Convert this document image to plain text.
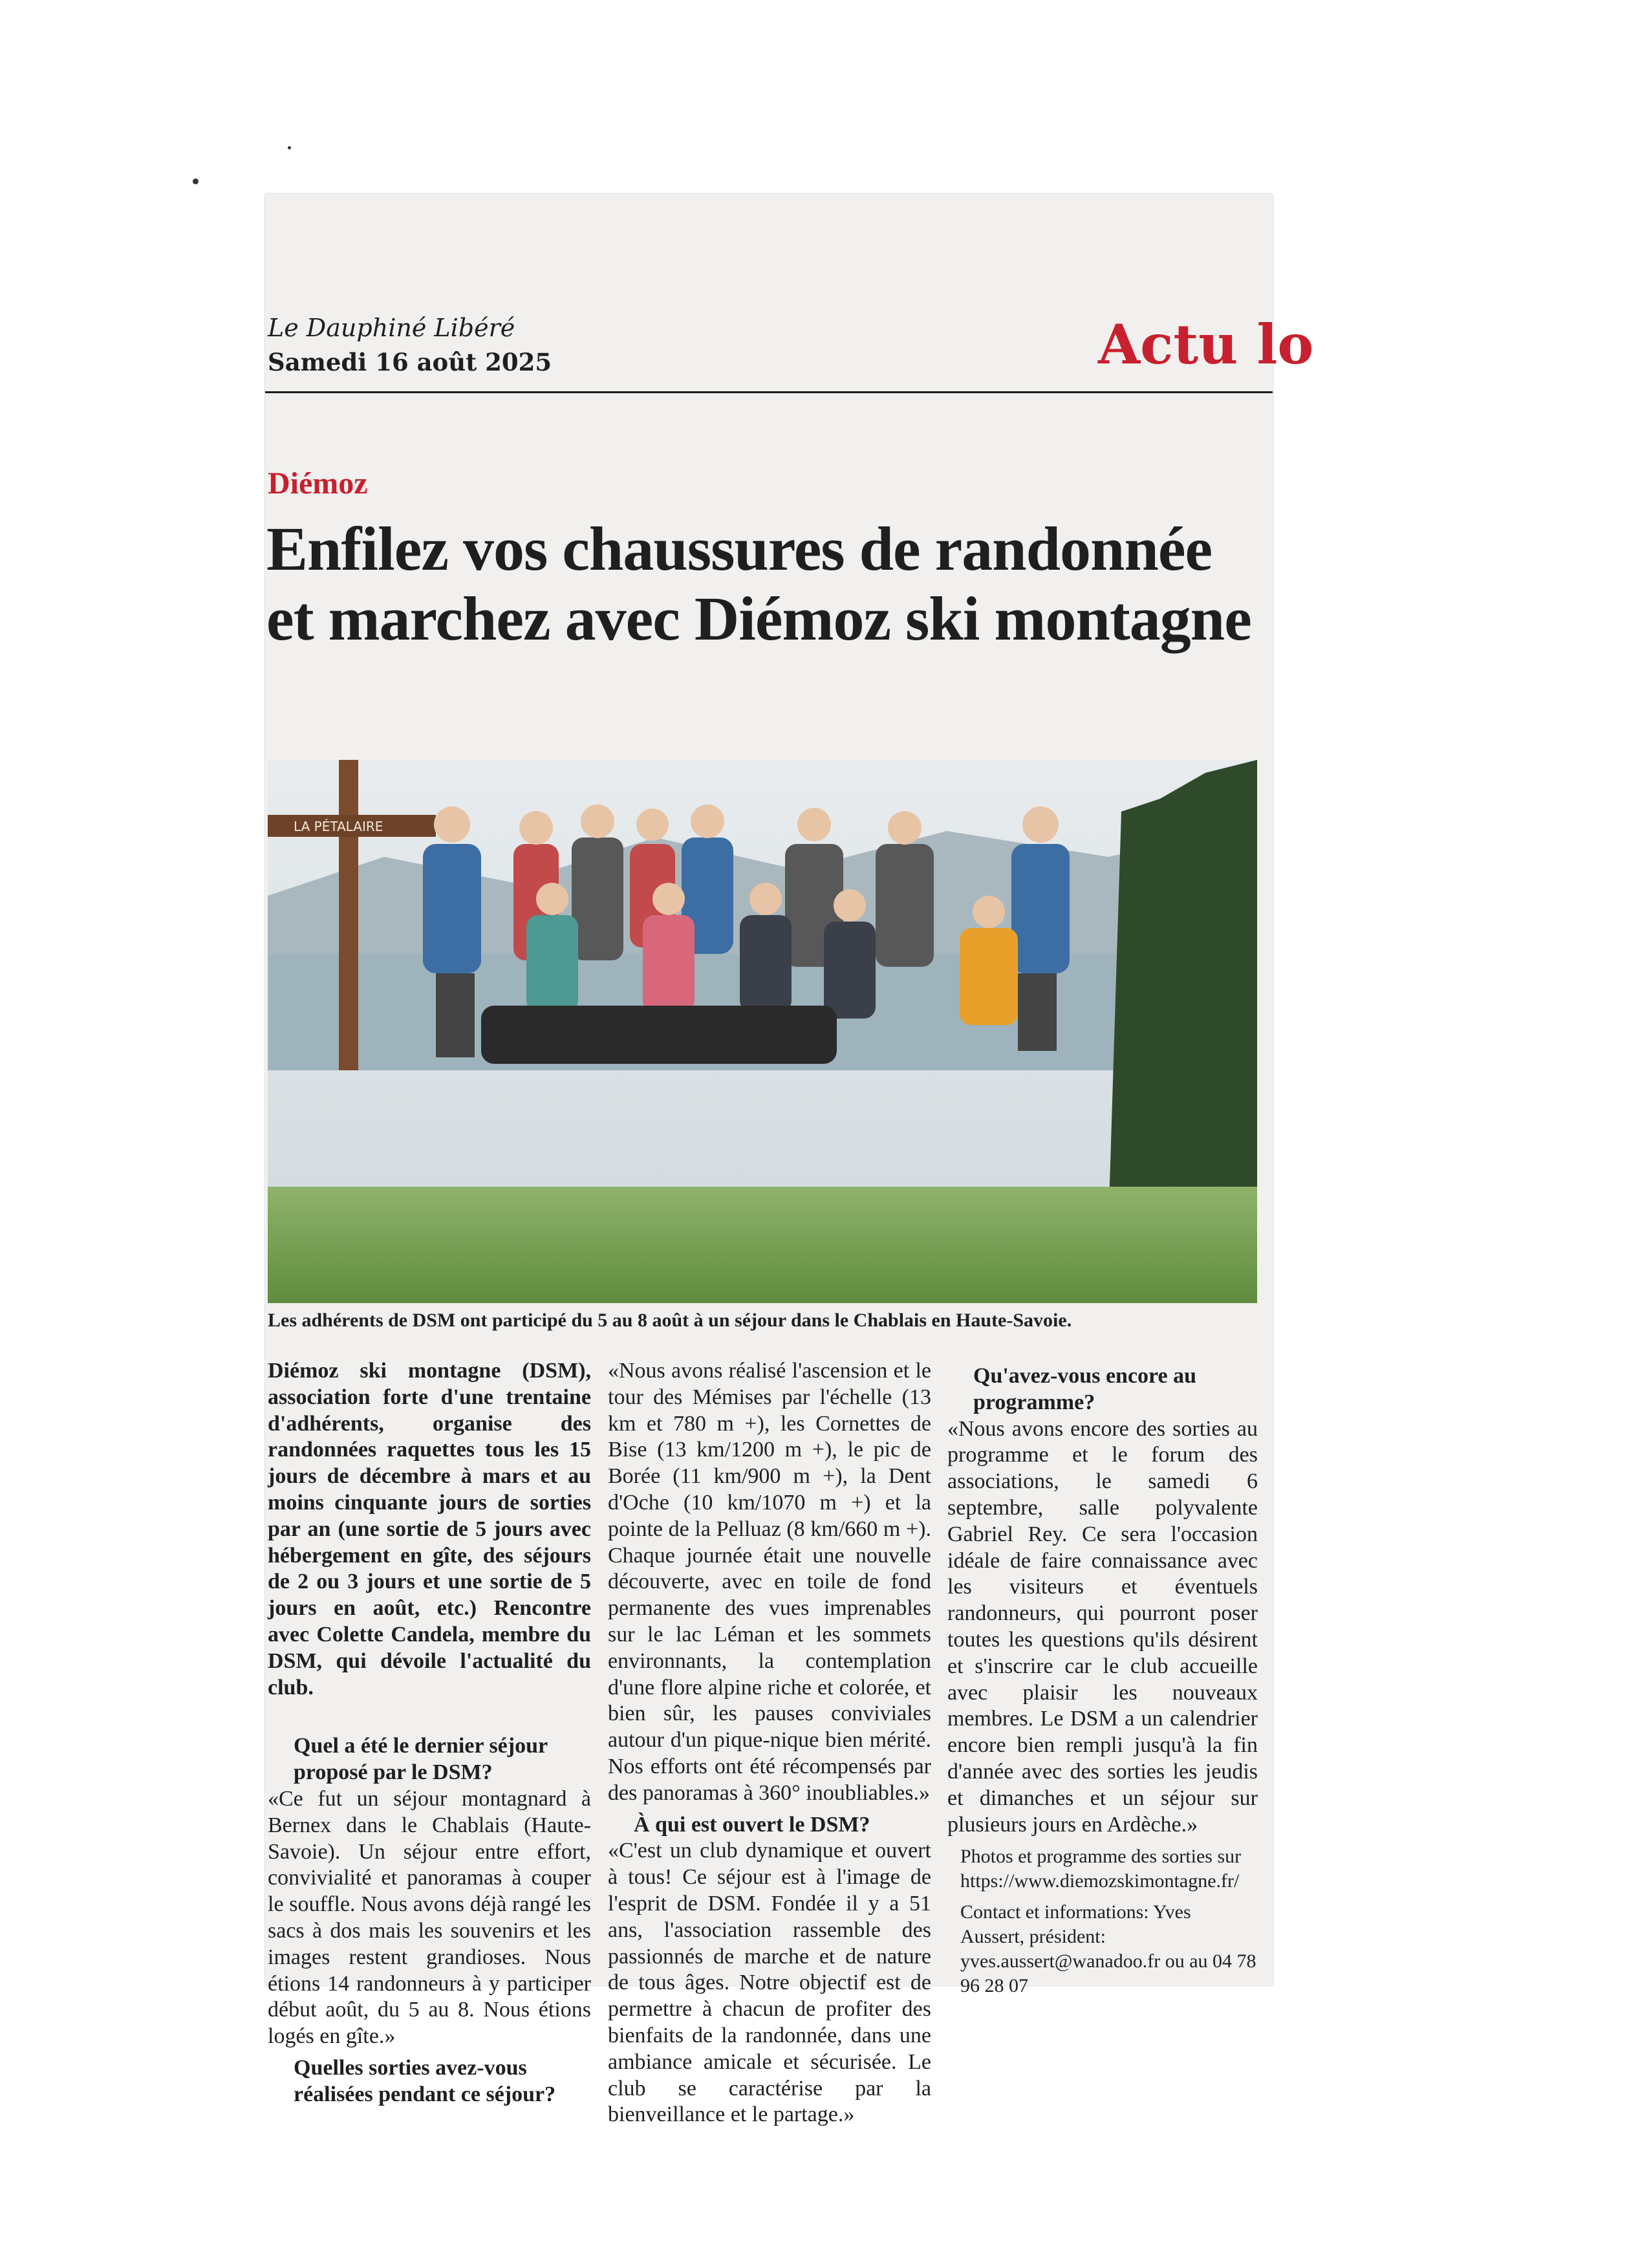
Le Dauphiné Libéré
Samedi 16 août 2025	Actu lo
Diémoz
Enfilez vos chaussures de randonnée
et marchez avec Diémoz ski montagne
LA PÉTALAIRE
Les adhérents de DSM ont participé du 5 au 8 août à un séjour dans le Chablais en Haute-Savoie.

Diémoz ski montagne (DSM), association forte d'une trentaine d'adhérents, organise des randonnées raquettes tous les 15 jours de décembre à mars et au moins cinquante jours de sorties par an (une sortie de 5 jours avec hébergement en gîte, des séjours de 2 ou 3 jours et une sortie de 5 jours en août, etc.) Rencontre avec Colette Candela, membre du DSM, qui dévoile l'actualité du club.

Quel a été le dernier séjour proposé par le DSM?

«Ce fut un séjour montagnard à Bernex dans le Chablais (Haute-Savoie). Un séjour entre effort, convivialité et panoramas à couper le souffle. Nous avons déjà rangé les sacs à dos mais les souvenirs et les images restent grandioses. Nous étions 14 randonneurs à y participer début août, du 5 au 8. Nous étions logés en gîte.»

Quelles sorties avez-vous réalisées pendant ce séjour?

«Nous avons réalisé l'ascension et le tour des Mémises par l'échelle (13 km et 780 m +), les Cornettes de Bise (13 km/1200 m +), le pic de Borée (11 km/900 m +), la Dent d'Oche (10 km/1070 m +) et la pointe de la Pelluaz (8 km/660 m +). Chaque journée était une nouvelle découverte, avec en toile de fond permanente des vues imprenables sur le lac Léman et les sommets environnants, la contemplation d'une flore alpine riche et colorée, et bien sûr, les pauses conviviales autour d'un pique-nique bien mérité. Nos efforts ont été récompensés par des panoramas à 360° inoubliables.»

À qui est ouvert le DSM?

«C'est un club dynamique et ouvert à tous! Ce séjour est à l'image de l'esprit de DSM. Fondée il y a 51 ans, l'association rassemble des passionnés de marche et de nature de tous âges. Notre objectif est de permettre à chacun de profiter des bienfaits de la randonnée, dans une ambiance amicale et sécurisée. Le club se caractérise par la bienveillance et le partage.»

Qu'avez-vous encore au programme?

«Nous avons encore des sorties au programme et le forum des associations, le samedi 6 septembre, salle polyvalente Gabriel Rey. Ce sera l'occasion idéale de faire connaissance avec les visiteurs et éventuels randonneurs, qui pourront poser toutes les questions qu'ils désirent et s'inscrire car le club accueille avec plaisir les nouveaux membres. Le DSM a un calendrier encore bien rempli jusqu'à la fin d'année avec des sorties les jeudis et dimanches et un séjour sur plusieurs jours en Ardèche.»

Photos et programme des sorties sur https://www.diemozskimontagne.fr/

Contact et informations: Yves Aussert, président: yves.aussert@wanadoo.fr ou au 04 78 96 28 07
